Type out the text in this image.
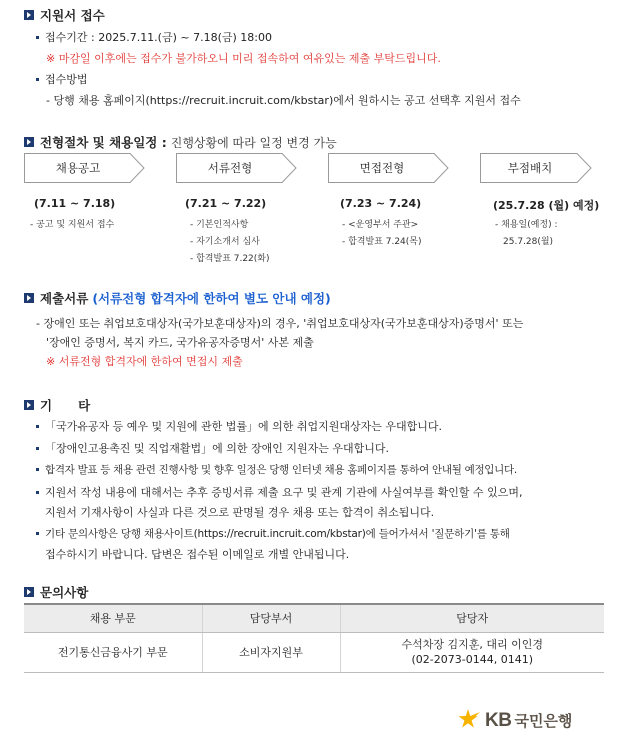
지원서 접수
접수기간 : 2025.7.11.(금) ~ 7.18(금) 18:00
※ 마감일 이후에는 접수가 불가하오니 미리 접속하여 여유있는 제출 부탁드립니다.
접수방법
- 당행 채용 홈페이지(https://recruit.incruit.com/kbstar)에서 원하시는 공고 선택후 지원서 접수
전형절차 및 채용일정 : 진행상황에 따라 일정 변경 가능
채용공고	서류전형	면접전형	부점배치
(7.11 ~ 7.18)
- 공고 및 지원서 접수
(7.21 ~ 7.22)
- 기본인적사항
- 자기소개서 심사
- 합격발표 7.22(화)
(7.23 ~ 7.24)
- <운영부서 주관>
- 합격발표 7.24(목)
(25.7.28 (월) 예정)
- 채용일(예정) :
25.7.28(월)
제출서류 (서류전형 합격자에 한하여 별도 안내 예정)
- 장애인 또는 취업보호대상자(국가보훈대상자)의 경우, '취업보호대상자(국가보훈대상자)증명서' 또는
'장애인 증명서, 복지 카드, 국가유공자증명서' 사본 제출
※ 서류전형 합격자에 한하여 면접시 제출
기      타
「국가유공자 등 예우 및 지원에 관한 법률」에 의한 취업지원대상자는 우대합니다.
「장애인고용촉진 및 직업재활법」에 의한 장애인 지원자는 우대합니다.
합격자 발표 등 채용 관련 진행사항 및 향후 일정은 당행 인터넷 채용 홈페이지를 통하여 안내될 예정입니다.
지원서 작성 내용에 대해서는 추후 증빙서류 제출 요구 및 관계 기관에 사실여부를 확인할 수 있으며,
지원서 기재사항이 사실과 다른 것으로 판명될 경우 채용 또는 합격이 취소됩니다.
기타 문의사항은 당행 채용사이트(https://recruit.incruit.com/kbstar)에 들어가셔서 '질문하기'를 통해
접수하시기 바랍니다. 답변은 접수된 이메일로 개별 안내됩니다.
문의사항
채용 부문	담당부서	담당자
전기통신금융사기 부문	소비자지원부	수석차장 김지훈, 대리 이인경
(02-2073-0144, 0141)
KB 국민은행
